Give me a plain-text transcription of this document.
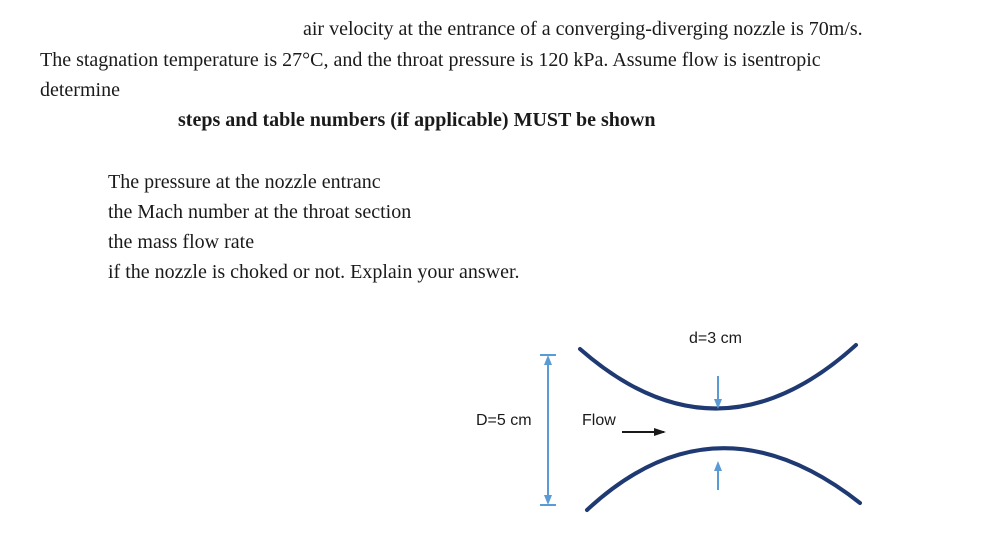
air velocity at the entrance of a converging-diverging nozzle is 70m/s.
The stagnation temperature is 27°C, and the throat pressure is 120 kPa. Assume flow is isentropic
determine
steps and table numbers (if applicable) MUST be shown
The pressure at the nozzle entranc
the Mach number at the throat section
the mass flow rate
if the nozzle is choked or not. Explain your answer.
d=3 cm
D=5 cm	Flow
